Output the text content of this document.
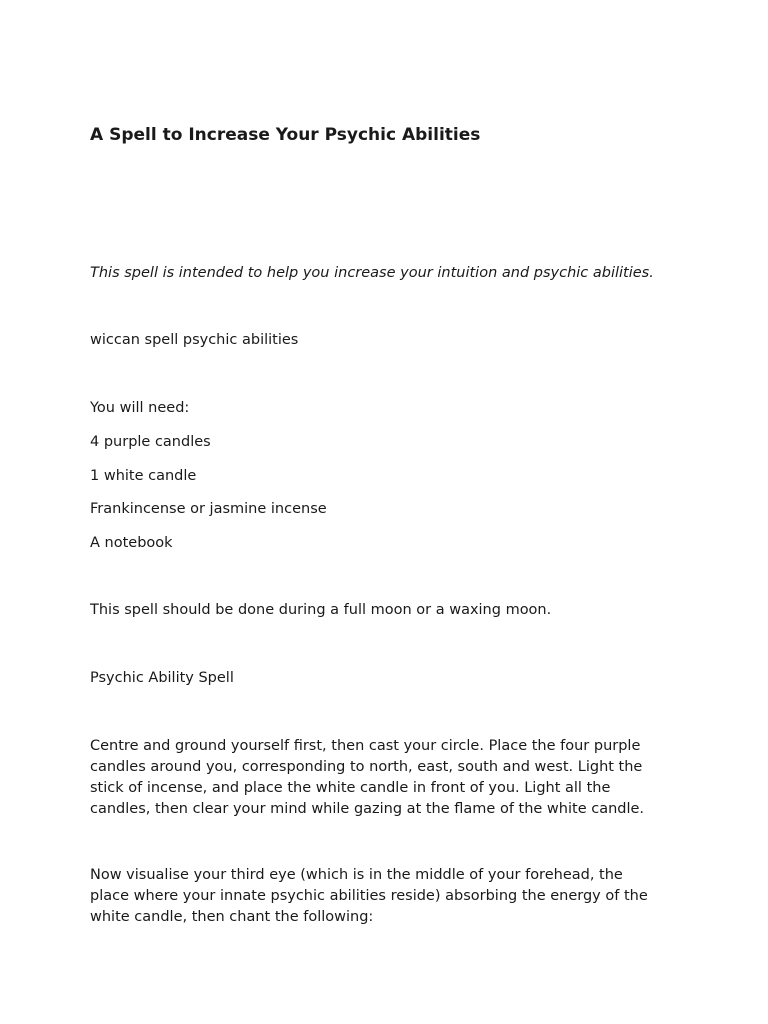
A Spell to Increase Your Psychic Abilities
This spell is intended to help you increase your intuition and psychic abilities.
wiccan spell psychic abilities
You will need:
4 purple candles
1 white candle
Frankincense or jasmine incense
A notebook
This spell should be done during a full moon or a waxing moon.
Psychic Ability Spell
Centre and ground yourself first, then cast your circle. Place the four purple
candles around you, corresponding to north, east, south and west. Light the
stick of incense, and place the white candle in front of you. Light all the
candles, then clear your mind while gazing at the flame of the white candle.
Now visualise your third eye (which is in the middle of your forehead, the
place where your innate psychic abilities reside) absorbing the energy of the
white candle, then chant the following:
